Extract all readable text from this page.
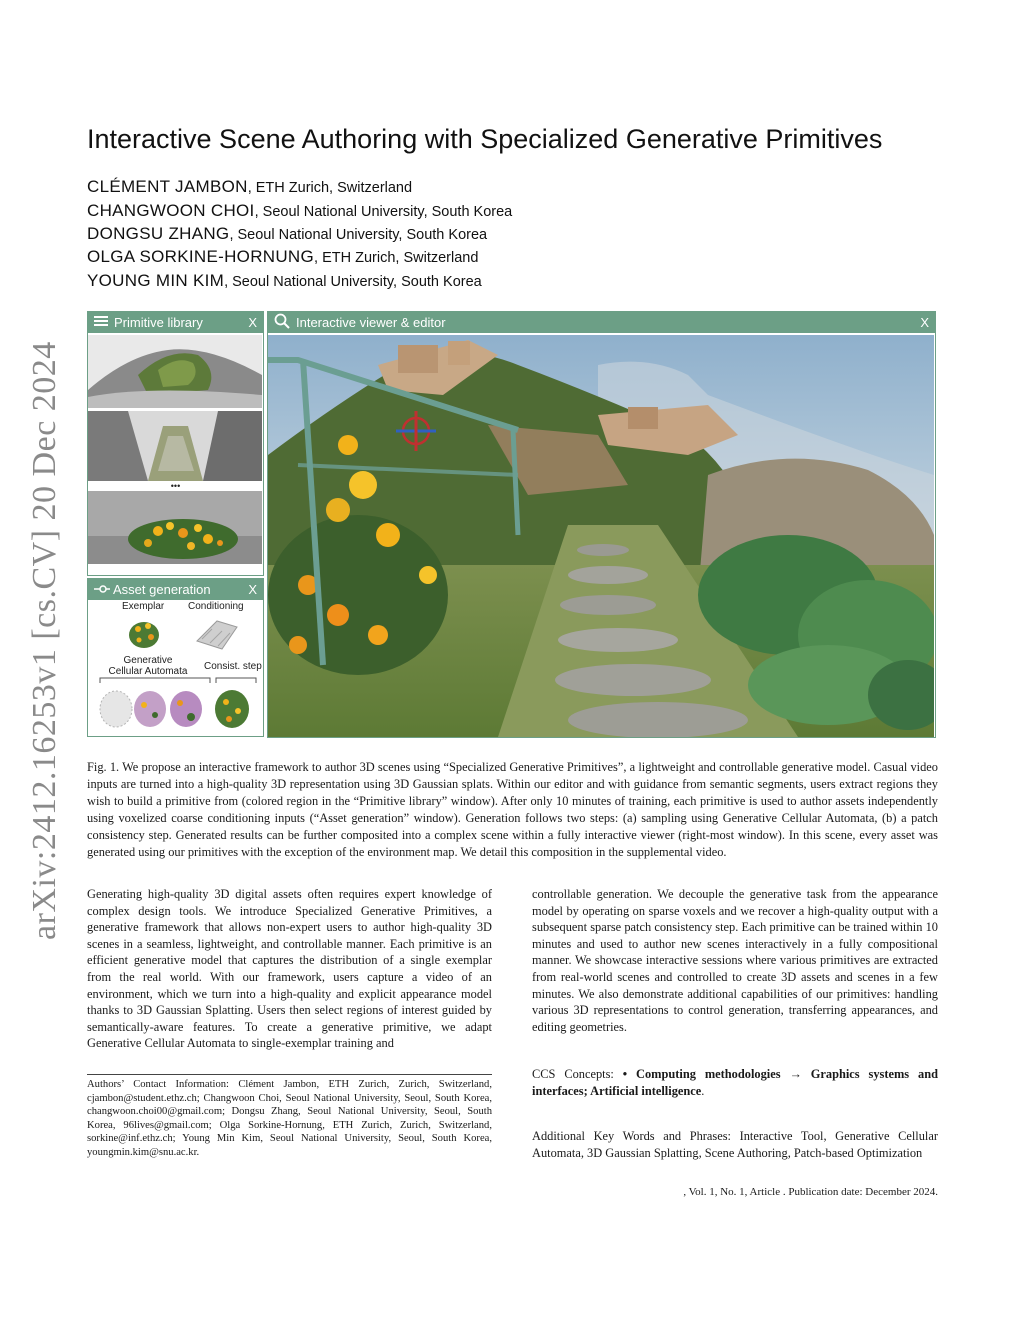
arXiv:2412.16253v1 [cs.CV] 20 Dec 2024
Interactive Scene Authoring with Specialized Generative Primitives
CLÉMENT JAMBON, ETH Zurich, Switzerland
CHANGWOON CHOI, Seoul National University, South Korea
DONGSU ZHANG, Seoul National University, South Korea
OLGA SORKINE-HORNUNG, ETH Zurich, Switzerland
YOUNG MIN KIM, Seoul National University, South Korea
Primitive library	X
•••
Asset generation	X
Exemplar Conditioning
Generative
Cellular Automata Consist. step
Interactive viewer & editor	X
Fig. 1. We propose an interactive framework to author 3D scenes using “Specialized Generative Primitives”, a lightweight and controllable generative model. Casual video inputs are turned into a high-quality 3D representation using 3D Gaussian splats. Within our editor and with guidance from semantic segments, users extract regions they wish to build a primitive from (colored region in the “Primitive library” window). After only 10 minutes of training, each primitive is used to author assets independently using voxelized coarse conditioning inputs (“Asset generation” window). Generation follows two steps: (a) sampling using Generative Cellular Automata, (b) a patch consistency step. Generated results can be further composited into a complex scene within a fully interactive viewer (right-most window). In this scene, every asset was generated using our primitives with the exception of the environment map. We detail this composition in the supplemental video.

Generating high-quality 3D digital assets often requires expert knowledge of complex design tools. We introduce Specialized Generative Primitives, a generative framework that allows non-expert users to author high-quality 3D scenes in a seamless, lightweight, and controllable manner. Each primitive is an efficient generative model that captures the distribution of a single exemplar from the real world. With our framework, users capture a video of an environment, which we turn into a high-quality and explicit appearance model thanks to 3D Gaussian Splatting. Users then select regions of interest guided by semantically-aware features. To create a generative primitive, we adapt Generative Cellular Automata to single-exemplar training and

controllable generation. We decouple the generative task from the appearance model by operating on sparse voxels and we recover a high-quality output with a subsequent sparse patch consistency step. Each primitive can be trained within 10 minutes and used to author new scenes interactively in a fully compositional manner. We showcase interactive sessions where various primitives are extracted from real-world scenes and controlled to create 3D assets and scenes in a few minutes. We also demonstrate additional capabilities of our primitives: handling various 3D representations to control generation, transferring appearances, and editing geometries.

CCS Concepts: • Computing methodologies → Graphics systems and interfaces; Artificial intelligence.
Additional Key Words and Phrases: Interactive Tool, Generative Cellular Automata, 3D Gaussian Splatting, Scene Authoring, Patch-based Optimization
Authors’ Contact Information: Clément Jambon, ETH Zurich, Zurich, Switzerland, cjambon@student.ethz.ch; Changwoon Choi, Seoul National University, Seoul, South Korea, changwoon.choi00@gmail.com; Dongsu Zhang, Seoul National University, Seoul, South Korea, 96lives@gmail.com; Olga Sorkine-Hornung, ETH Zurich, Zurich, Switzerland, sorkine@inf.ethz.ch; Young Min Kim, Seoul National University, Seoul, South Korea, youngmin.kim@snu.ac.kr.
, Vol. 1, No. 1, Article . Publication date: December 2024.
